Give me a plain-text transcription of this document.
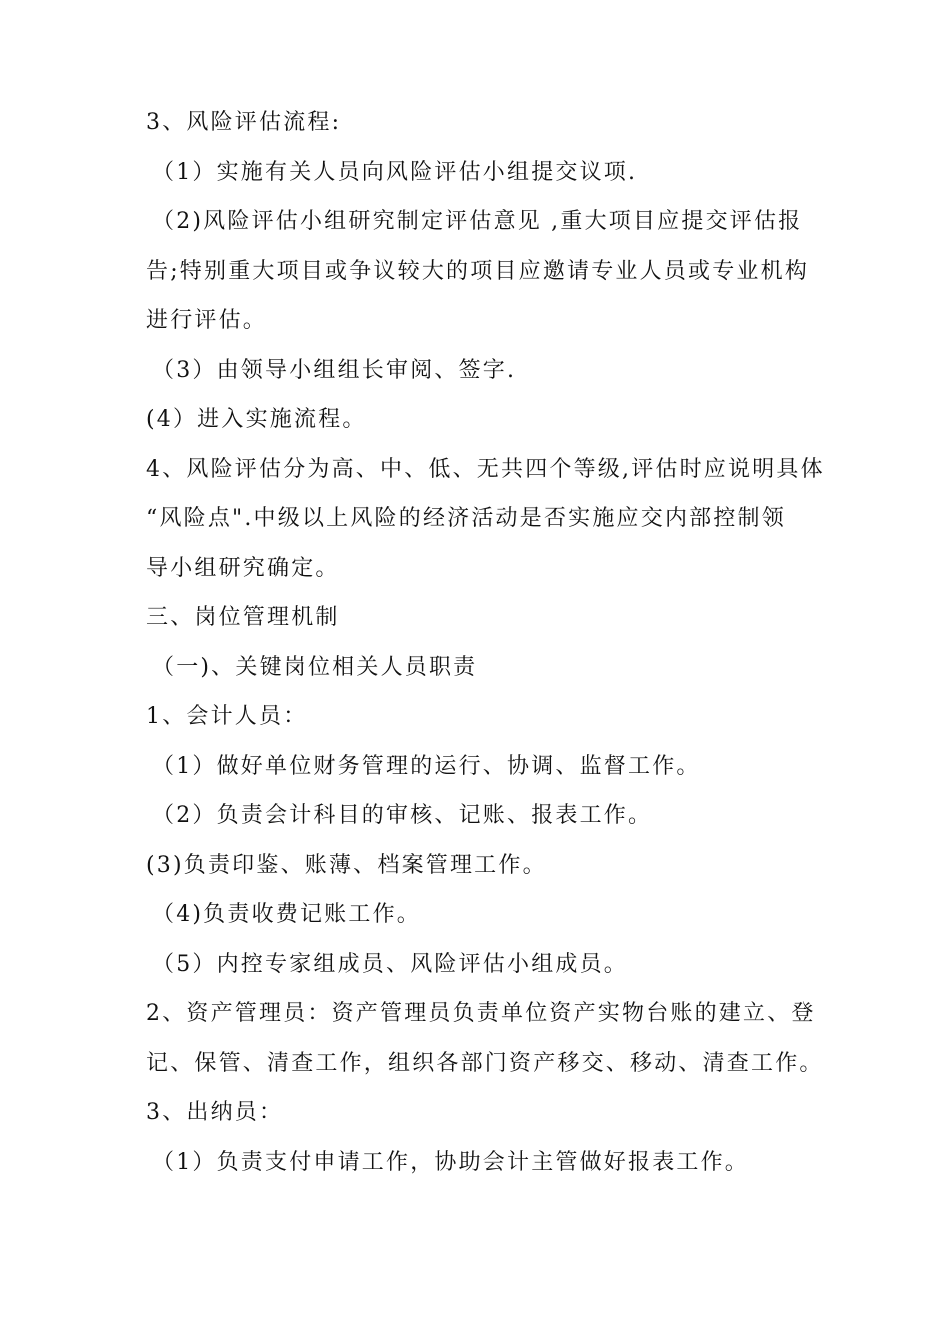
3、风险评估流程:
（1）实施有关人员向风险评估小组提交议项.
（2)风险评估小组研究制定评估意见 ,重大项目应提交评估报
告;特别重大项目或争议较大的项目应邀请专业人员或专业机构
进行评估。
（3）由领导小组组长审阅、签字.
(4）进入实施流程。
4、风险评估分为高、中、低、无共四个等级,评估时应说明具体
“风险点".中级以上风险的经济活动是否实施应交内部控制领
导小组研究确定。
三、岗位管理机制
（一)、关键岗位相关人员职责
1、会计人员：
（1）做好单位财务管理的运行、协调、监督工作。
（2）负责会计科目的审核、记账、报表工作。
(3)负责印鉴、账薄、档案管理工作。
（4)负责收费记账工作。
（5）内控专家组成员、风险评估小组成员。
2、资产管理员：资产管理员负责单位资产实物台账的建立、登
记、保管、清查工作，组织各部门资产移交、移动、清查工作。
3、出纳员：
（1）负责支付申请工作，协助会计主管做好报表工作。
